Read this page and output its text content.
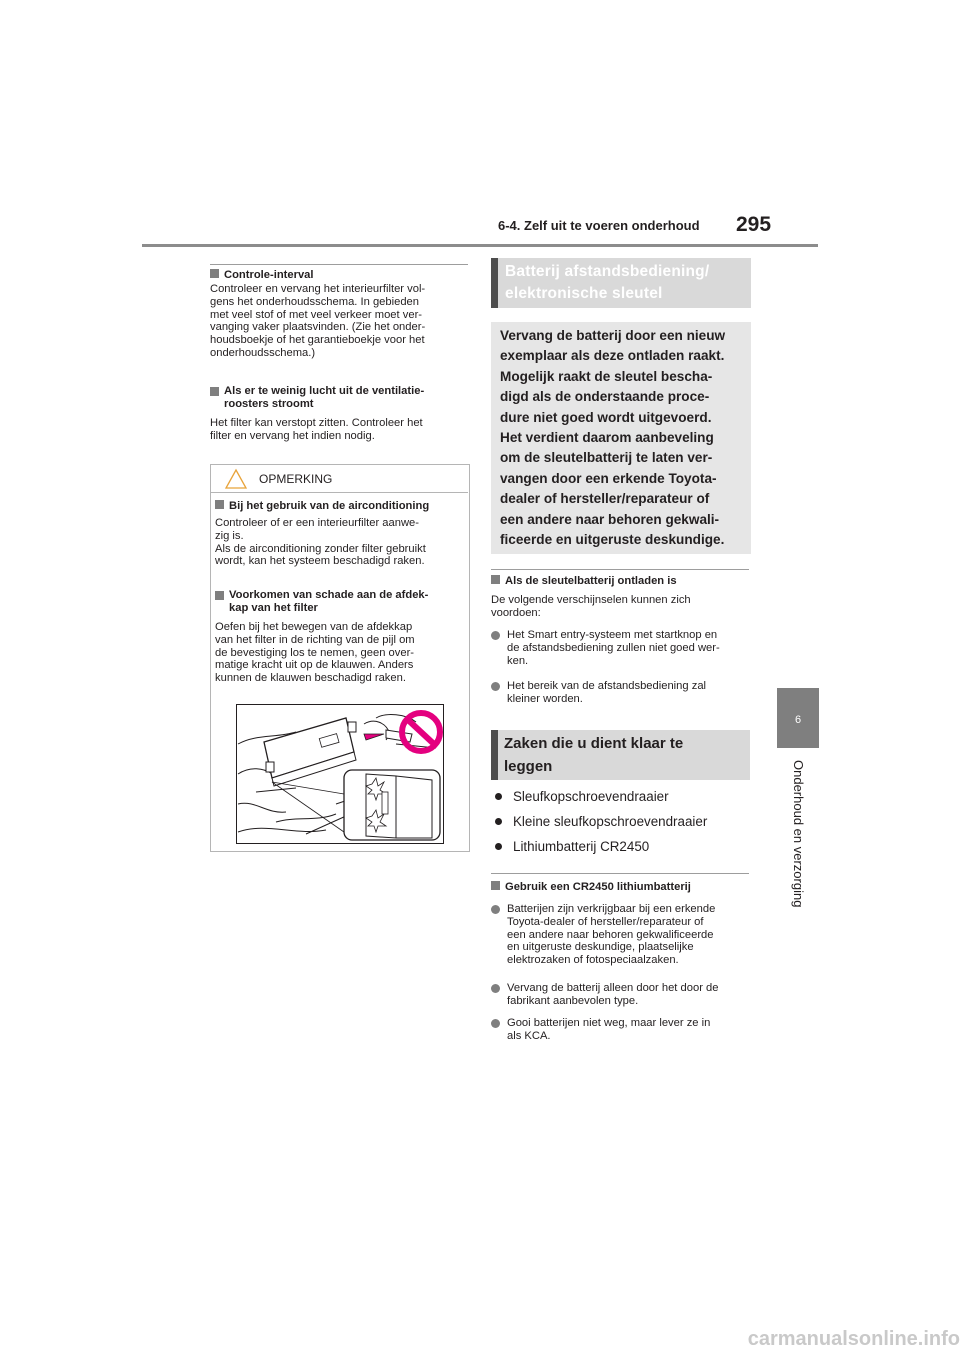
6-4. Zelf uit te voeren onderhoud 295
6
Onderhoud en verzorging
Controle-interval
Controleer en vervang het interieurfilter vol-
gens het onderhoudsschema. In gebieden
met veel stof of met veel verkeer moet ver-
vanging vaker plaatsvinden. (Zie het onder-
houdsboekje of het garantieboekje voor het
onderhoudsschema.)
Als er te weinig lucht uit de ventilatie-
roosters stroomt
Het filter kan verstopt zitten. Controleer het
filter en vervang het indien nodig.
OPMERKING
Bij het gebruik van de airconditioning
Controleer of er een interieurfilter aanwe-
zig is.
Als de airconditioning zonder filter gebruikt
wordt, kan het systeem beschadigd raken.
Voorkomen van schade aan de afdek-
kap van het filter
Oefen bij het bewegen van de afdekkap
van het filter in de richting van de pijl om
de bevestiging los te nemen, geen over-
matige kracht uit op de klauwen. Anders
kunnen de klauwen beschadigd raken.
Batterij afstandsbediening/
elektronische sleutel
Vervang de batterij door een nieuw
exemplaar als deze ontladen raakt.
Mogelijk raakt de sleutel bescha-
digd als de onderstaande proce-
dure niet goed wordt uitgevoerd.
Het verdient daarom aanbeveling
om de sleutelbatterij te laten ver-
vangen door een erkende Toyota-
dealer of hersteller/reparateur of
een andere naar behoren gekwali-
ficeerde en uitgeruste deskundige.
Als de sleutelbatterij ontladen is
De volgende verschijnselen kunnen zich
voordoen:
Het Smart entry-systeem met startknop en
de afstandsbediening zullen niet goed wer-
ken.
Het bereik van de afstandsbediening zal
kleiner worden.
Zaken die u dient klaar te
leggen
Sleufkopschroevendraaier
Kleine sleufkopschroevendraaier
Lithiumbatterij CR2450
Gebruik een CR2450 lithiumbatterij
Batterijen zijn verkrijgbaar bij een erkende
Toyota-dealer of hersteller/reparateur of
een andere naar behoren gekwalificeerde
en uitgeruste deskundige, plaatselijke
elektrozaken of fotospeciaalzaken.
Vervang de batterij alleen door het door de
fabrikant aanbevolen type.
Gooi batterijen niet weg, maar lever ze in
als KCA.
carmanualsonline.info
